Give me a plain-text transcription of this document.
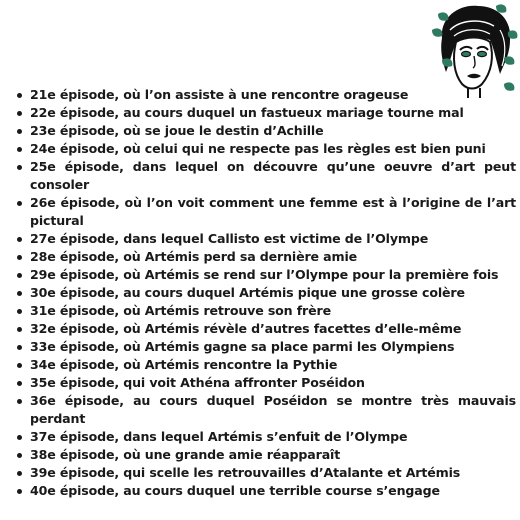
21e épisode, où l’on assiste à une rencontre orageuse
22e épisode, au cours duquel un fastueux mariage tourne mal
23e épisode, où se joue le destin d’Achille
24e épisode, où celui qui ne respecte pas les règles est bien puni
25e épisode, dans lequel on découvre qu’une oeuvre d’art peut consoler
26e épisode, où l’on voit comment une femme est à l’origine de l’art pictural
27e épisode, dans lequel Callisto est victime de l’Olympe
28e épisode, où Artémis perd sa dernière amie
29e épisode, où Artémis se rend sur l’Olympe pour la première fois
30e épisode, au cours duquel Artémis pique une grosse colère
31e épisode, où Artémis retrouve son frère
32e épisode, où Artémis révèle d’autres facettes d’elle-même
33e épisode, où Artémis gagne sa place parmi les Olympiens
34e épisode, où Artémis rencontre la Pythie
35e épisode, qui voit Athéna affronter Poséidon
36e épisode, au cours duquel Poséidon se montre très mauvais perdant
37e épisode, dans lequel Artémis s’enfuit de l’Olympe
38e épisode, où une grande amie réapparaît
39e épisode, qui scelle les retrouvailles d’Atalante et Artémis
40e épisode, au cours duquel une terrible course s’engage
